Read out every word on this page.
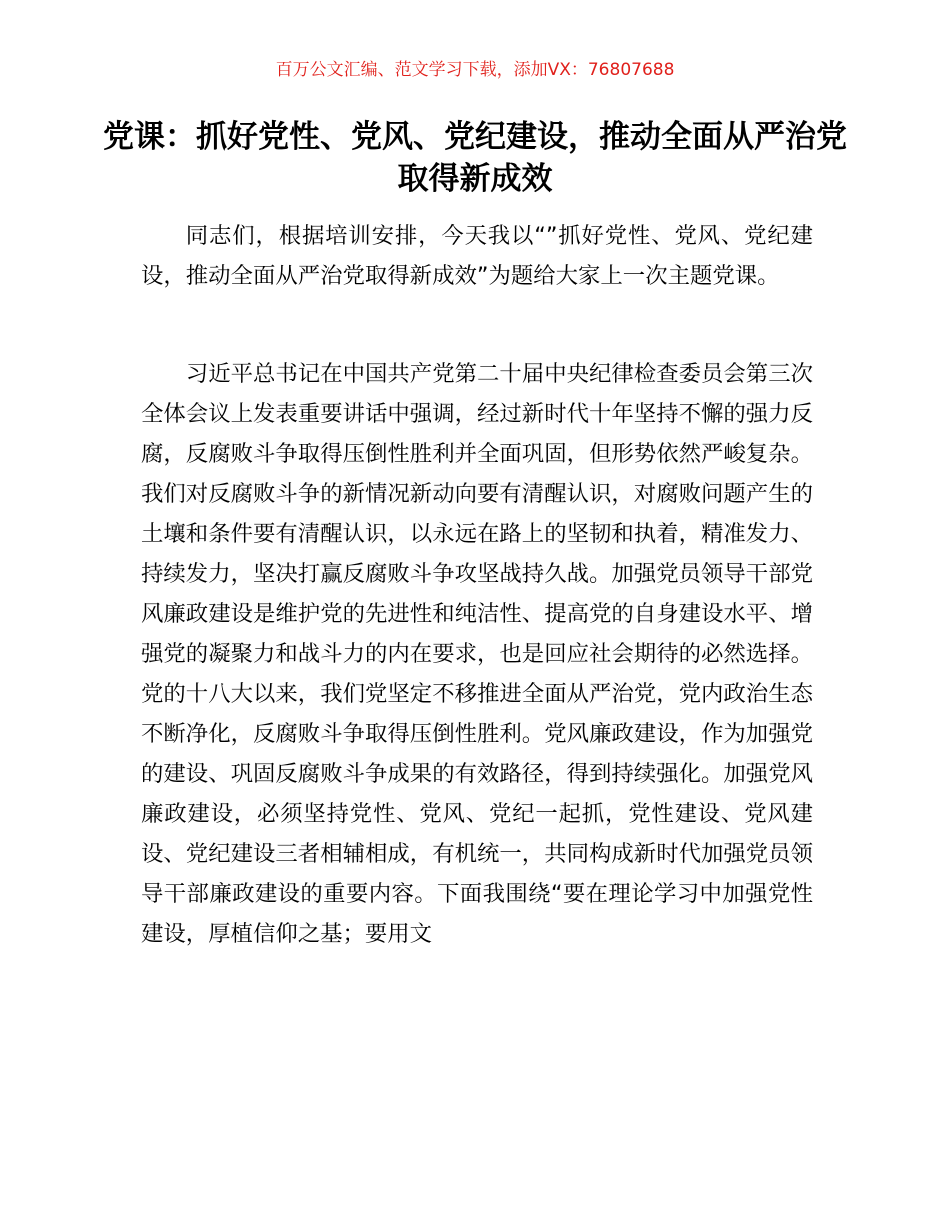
百万公文汇编、范文学习下载，添加VX：76807688
党课：抓好党性、党风、党纪建设，推动全面从严治党取得新成效

同志们，根据培训安排，今天我以“”抓好党性、党风、党纪建设，推动全面从严治党取得新成效”为题给大家上一次主题党课。

习近平总书记在中国共产党第二十届中央纪律检查委员会第三次全体会议上发表重要讲话中强调，经过新时代十年坚持不懈的强力反腐，反腐败斗争取得压倒性胜利并全面巩固，但形势依然严峻复杂。我们对反腐败斗争的新情况新动向要有清醒认识，对腐败问题产生的土壤和条件要有清醒认识，以永远在路上的坚韧和执着，精准发力、持续发力，坚决打赢反腐败斗争攻坚战持久战。加强党员领导干部党风廉政建设是维护党的先进性和纯洁性、提高党的自身建设水平、增强党的凝聚力和战斗力的内在要求，也是回应社会期待的必然选择。党的十八大以来，我们党坚定不移推进全面从严治党，党内政治生态不断净化，反腐败斗争取得压倒性胜利。党风廉政建设，作为加强党的建设、巩固反腐败斗争成果的有效路径，得到持续强化。加强党风廉政建设，必须坚持党性、党风、党纪一起抓，党性建设、党风建设、党纪建设三者相辅相成，有机统一，共同构成新时代加强党员领导干部廉政建设的重要内容。下面我围绕“要在理论学习中加强党性建设，厚植信仰之基；要用文
